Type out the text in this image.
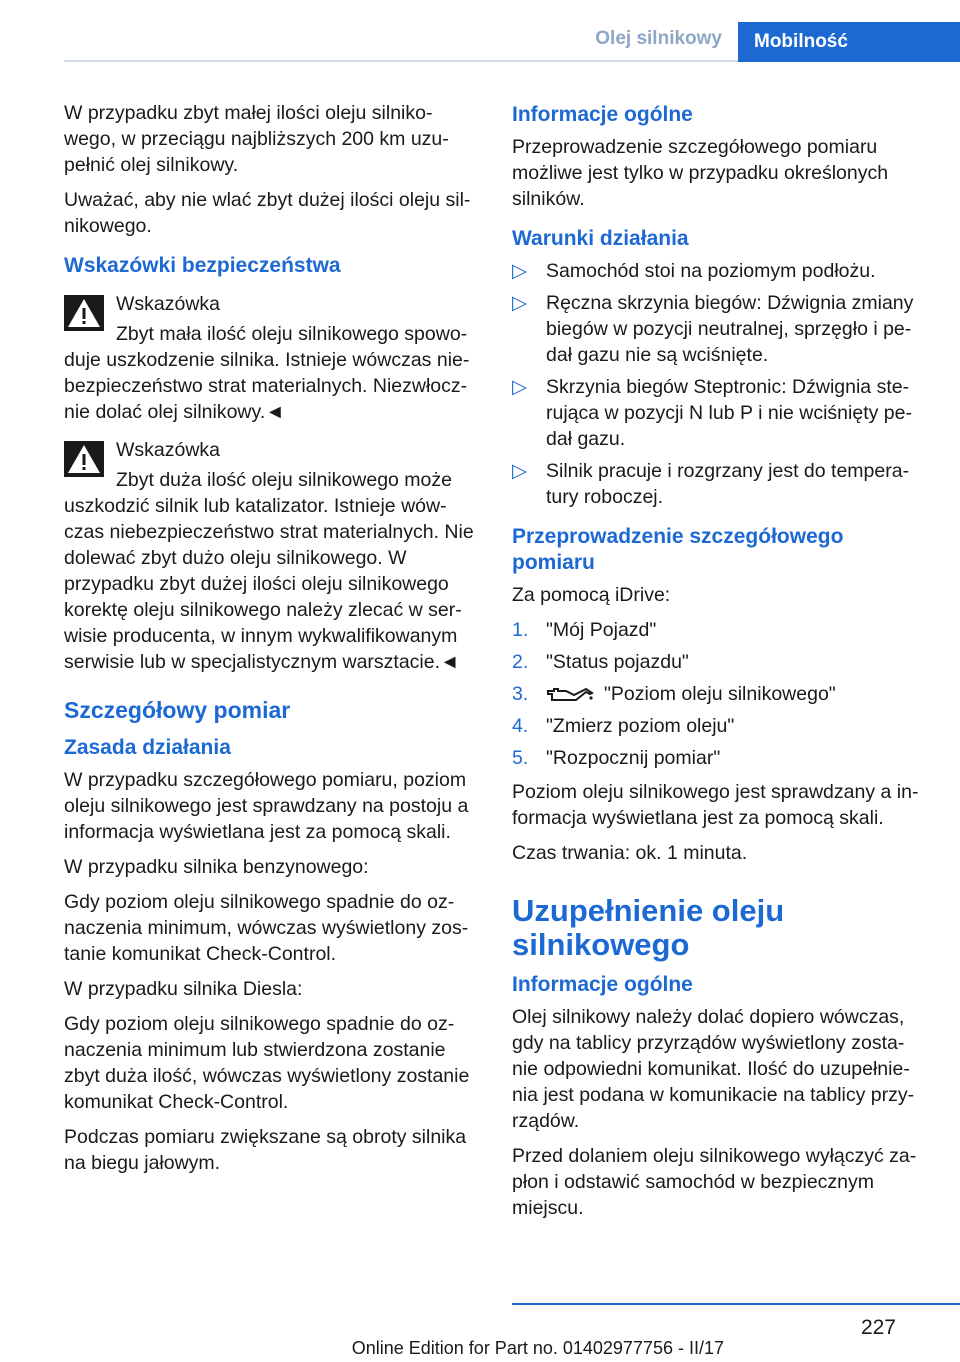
Olej silnikowy	Mobilność

W przypadku zbyt małej ilości oleju silniko‐wego, w przeciągu najbliższych 200 km uzu‐pełnić olej silnikowy.

Uważać, aby nie wlać zbyt dużej ilości oleju sil‐nikowego.

Wskazówki bezpieczeństwa

Wskazówka

Zbyt mała ilość oleju silnikowego spowo‐duje uszkodzenie silnika. Istnieje wówczas nie‐bezpieczeństwo strat materialnych. Niezwłocz‐nie dolać olej silnikowy.◄

Wskazówka

Zbyt duża ilość oleju silnikowego może uszkodzić silnik lub katalizator. Istnieje wów‐czas niebezpieczeństwo strat materialnych. Nie dolewać zbyt dużo oleju silnikowego. W przypadku zbyt dużej ilości oleju silnikowego korektę oleju silnikowego należy zlecać w ser‐wisie producenta, w innym wykwalifikowanym serwisie lub w specjalistycznym warsztacie.◄

Szczegółowy pomiar
Zasada działania

W przypadku szczegółowego pomiaru, poziom oleju silnikowego jest sprawdzany na postoju a informacja wyświetlana jest za pomocą skali.

W przypadku silnika benzynowego:

Gdy poziom oleju silnikowego spadnie do oz‐naczenia minimum, wówczas wyświetlony zos‐tanie komunikat Check-Control.

W przypadku silnika Diesla:

Gdy poziom oleju silnikowego spadnie do oz‐naczenia minimum lub stwierdzona zostanie zbyt duża ilość, wówczas wyświetlony zostanie komunikat Check-Control.

Podczas pomiaru zwiększane są obroty silnika na biegu jałowym.

Informacje ogólne

Przeprowadzenie szczegółowego pomiaru możliwe jest tylko w przypadku określonych silników.

Warunki działania
▷ Samochód stoi na poziomym podłożu.
▷ Ręczna skrzynia biegów: Dźwignia zmiany biegów w pozycji neutralnej, sprzęgło i pe‐dał gazu nie są wciśnięte.
▷ Skrzynia biegów Steptronic: Dźwignia ste‐rująca w pozycji N lub P i nie wciśnięty pe‐dał gazu.
▷ Silnik pracuje i rozgrzany jest do tempera‐tury roboczej.
Przeprowadzenie szczegółowego pomiaru

Za pomocą iDrive:

1. "Mój Pojazd"
2. "Status pojazdu"
3.	"Poziom oleju silnikowego"
4. "Zmierz poziom oleju"
5. "Rozpocznij pomiar"

Poziom oleju silnikowego jest sprawdzany a in‐formacja wyświetlana jest za pomocą skali.

Czas trwania: ok. 1 minuta.

Uzupełnienie oleju silnikowego
Informacje ogólne

Olej silnikowy należy dolać dopiero wówczas, gdy na tablicy przyrządów wyświetlony zosta‐nie odpowiedni komunikat. Ilość do uzupełnie‐nia jest podana w komunikacie na tablicy przy‐rządów.

Przed dolaniem oleju silnikowego wyłączyć za‐płon i odstawić samochód w bezpiecznym miejscu.

227
Online Edition for Part no. 01402977756 - II/17
